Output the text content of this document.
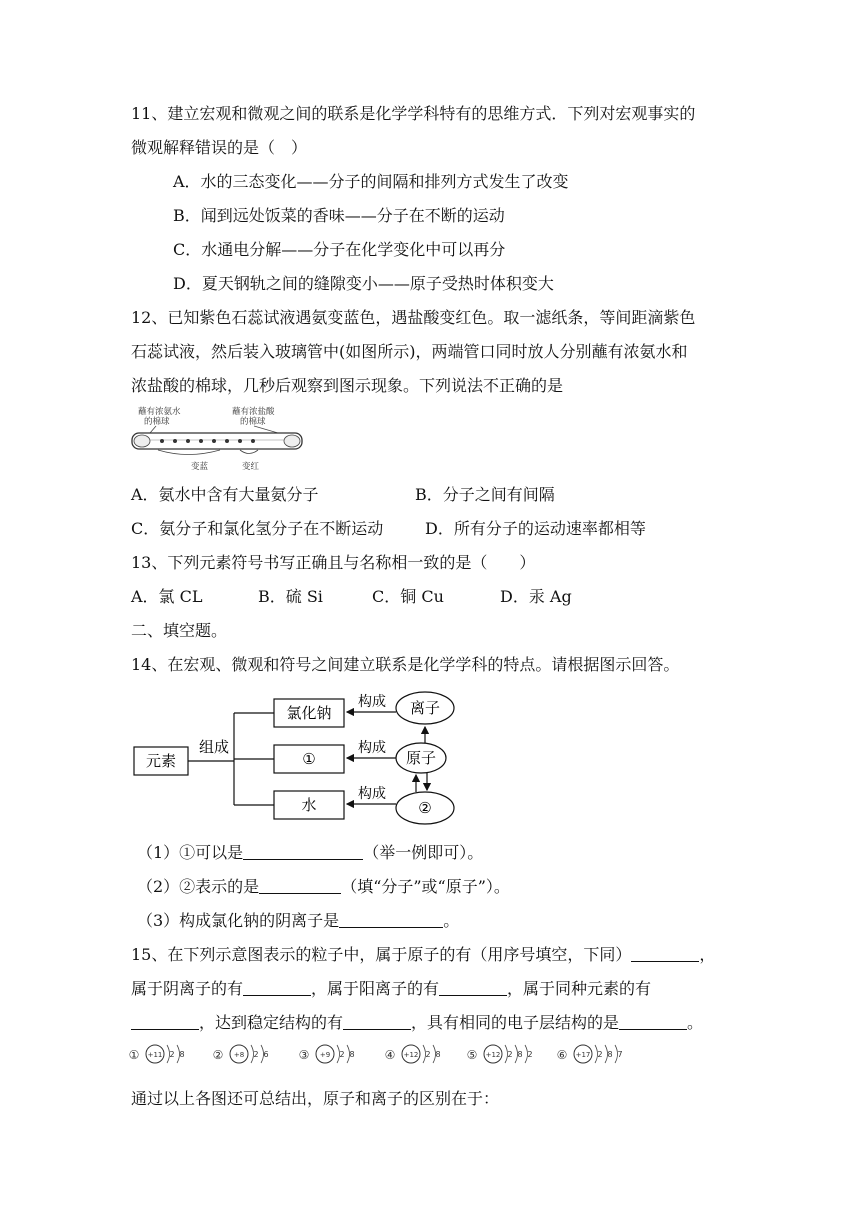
11、建立宏观和微观之间的联系是化学学科特有的思维方式．下列对宏观事实的
微观解释错误的是（　）
A．水的三态变化——分子的间隔和排列方式发生了改变
B．闻到远处饭菜的香味——分子在不断的运动
C．水通电分解——分子在化学变化中可以再分
D．夏天钢轨之间的缝隙变小——原子受热时体积变大
12、已知紫色石蕊试液遇氨变蓝色，遇盐酸变红色。取一滤纸条，等间距滴紫色
石蕊试液，然后装入玻璃管中(如图所示)，两端管口同时放人分别蘸有浓氨水和
浓盐酸的棉球，几秒后观察到图示现象。下列说法不正确的是
蘸有浓氨水
的棉球
蘸有浓盐酸
的棉球
变蓝	变红
A．氨水中含有大量氨分子	B．分子之间有间隔
C．氨分子和氯化氢分子在不断运动	D．所有分子的运动速率都相等
13、下列元素符号书写正确且与名称相一致的是（　　）
A．氯 CL	B．硫 Si	C．铜 Cu	D．汞 Ag
二、填空题。
14、在宏观、微观和符号之间建立联系是化学学科的特点。请根据图示回答。
元素
组成
氯化钠
①
水
构成
构成
构成
离子
原子
②
（1）①可以是	（举一例即可）。
（2）②表示的是	（填“分子”或“原子”）。
（3）构成氯化钠的阴离子是	。
15、在下列示意图表示的粒子中，属于原子的有（用序号填空，下同）	，
属于阴离子的有	，属于阳离子的有	，属于同种元素的有
，达到稳定结构的有	，具有相同的电子层结构的是	。
① +11 2 8 ② +8 2 6	③ +9 2 8	④ +12 2 8 ⑤ +12 2 8 2 ⑥ +17 2 8 7
通过以上各图还可总结出，原子和离子的区别在于：
